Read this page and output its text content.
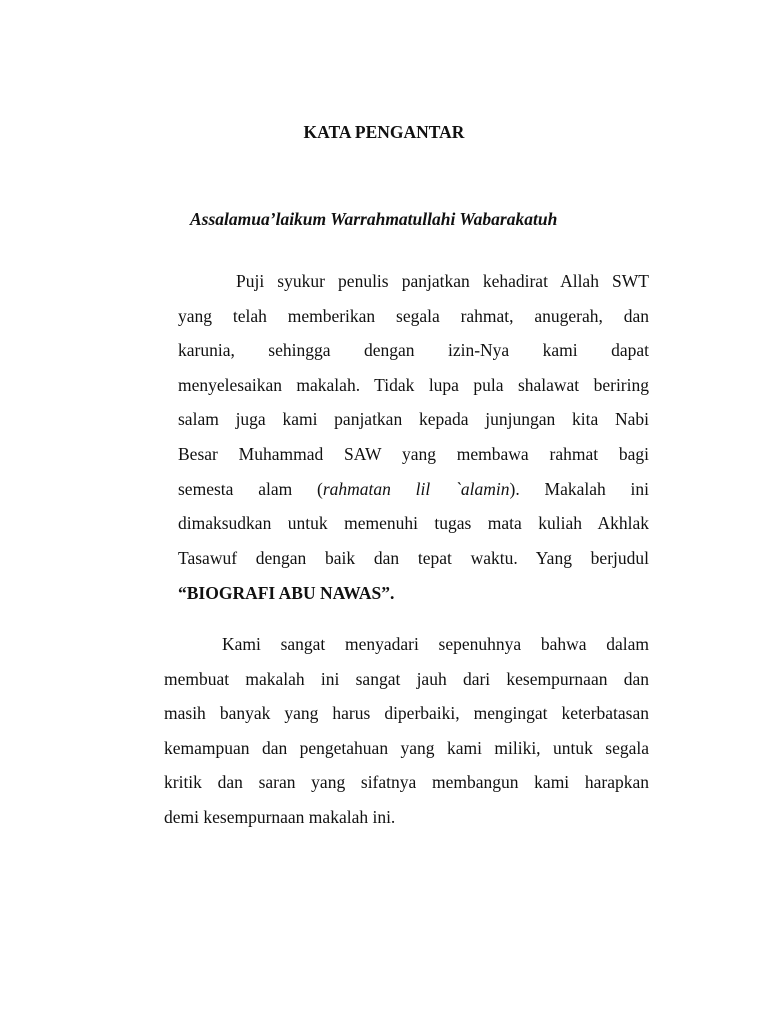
KATA PENGANTAR

Assalamua’laikum Warrahmatullahi Wabarakatuh

Puji syukur penulis panjatkan kehadirat Allah SWT
yang telah memberikan segala rahmat, anugerah, dan
karunia, sehingga dengan izin-Nya kami dapat
menyelesaikan makalah. Tidak lupa pula shalawat beriring
salam juga kami panjatkan kepada junjungan kita Nabi
Besar Muhammad SAW yang membawa rahmat bagi
semesta alam (rahmatan lil `alamin). Makalah ini
dimaksudkan untuk memenuhi tugas mata kuliah Akhlak
Tasawuf dengan baik dan tepat waktu. Yang berjudul
“BIOGRAFI ABU NAWAS”.
Kami sangat menyadari sepenuhnya bahwa dalam
membuat makalah ini sangat jauh dari kesempurnaan dan
masih banyak yang harus diperbaiki, mengingat keterbatasan
kemampuan dan pengetahuan yang kami miliki, untuk segala
kritik dan saran yang sifatnya membangun kami harapkan
demi kesempurnaan makalah ini.
